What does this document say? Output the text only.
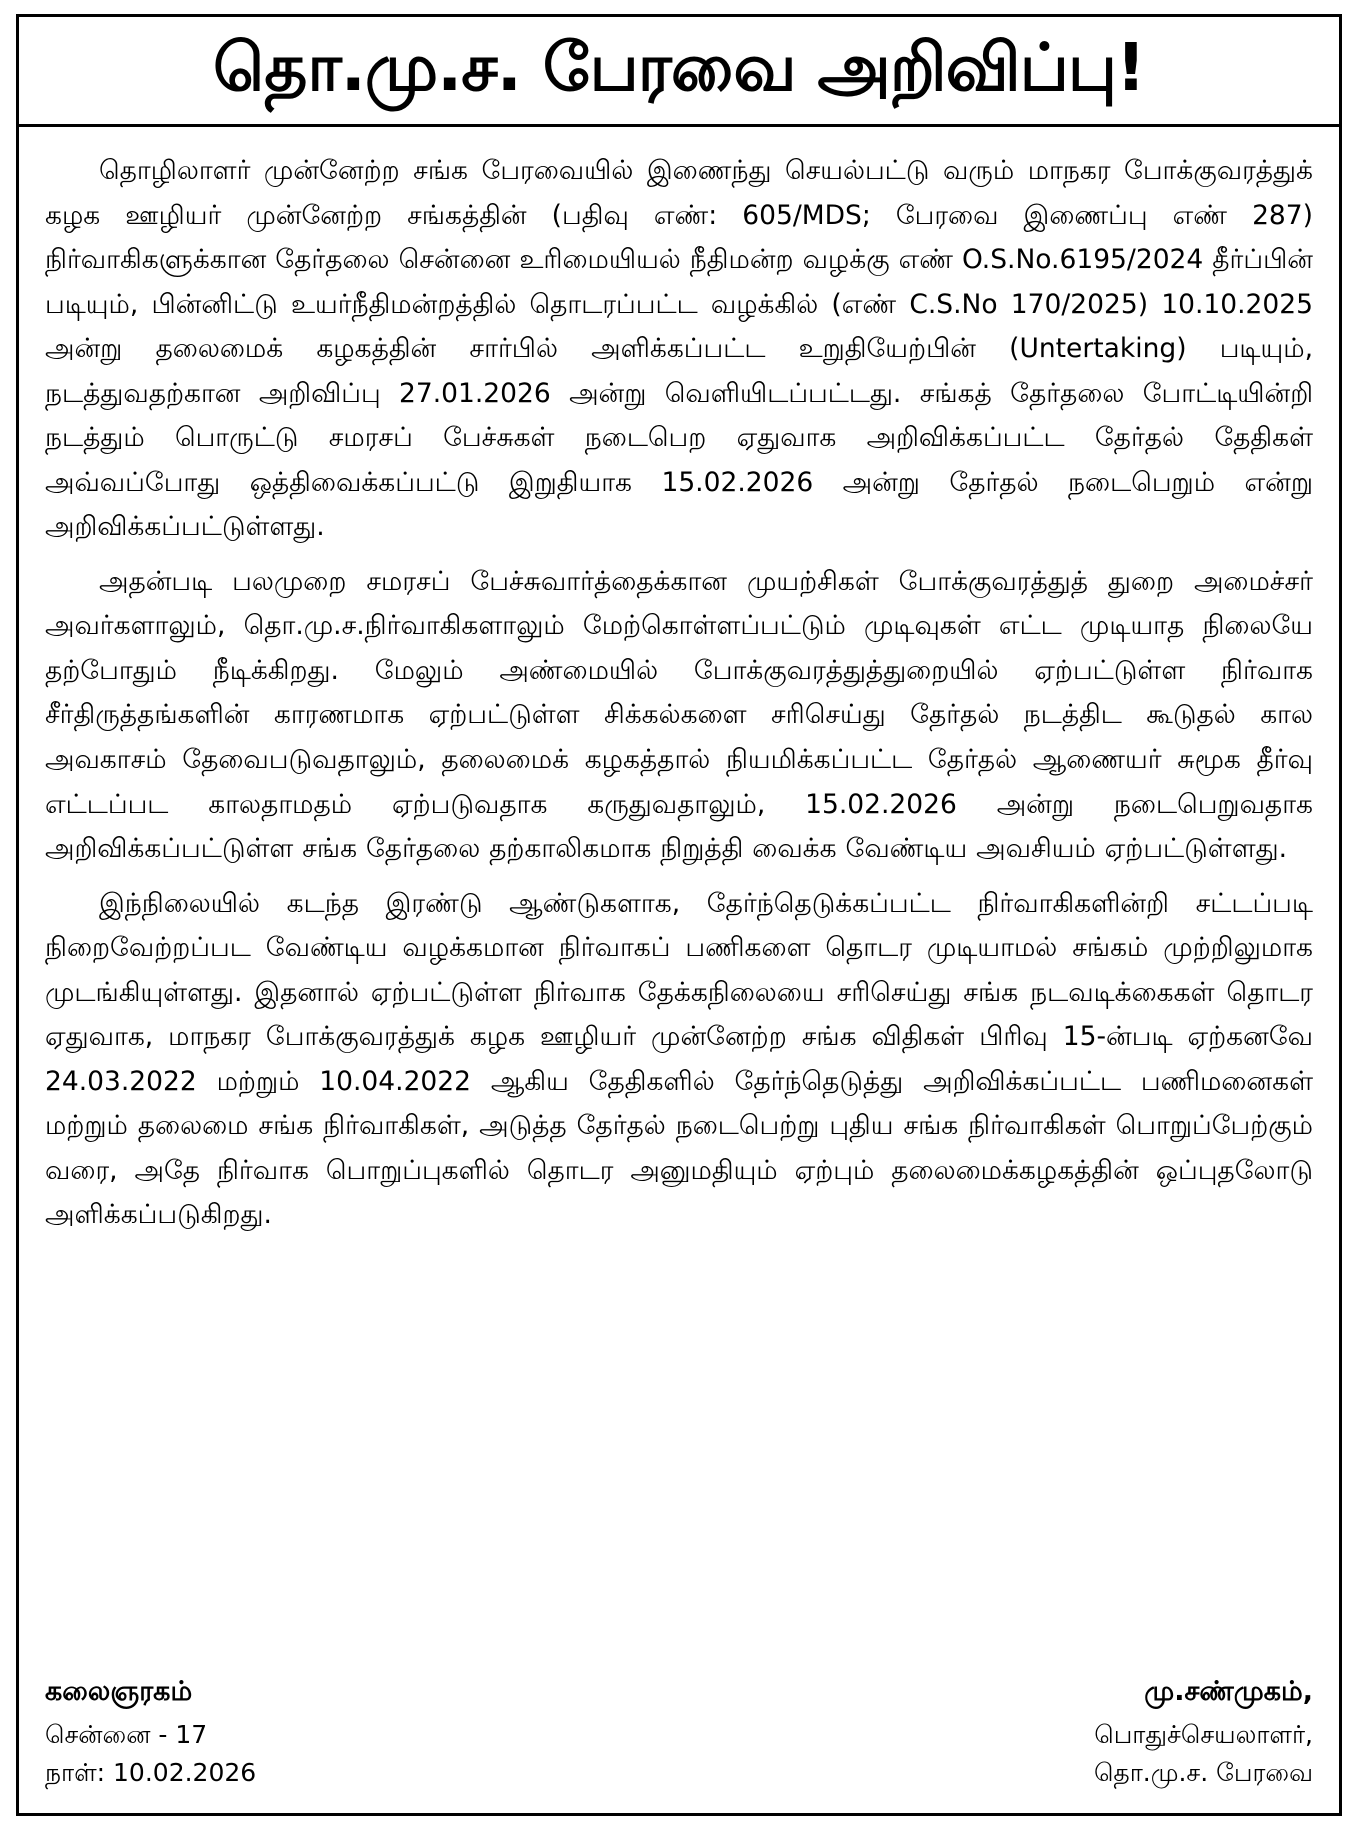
தொ.மு.ச. பேரவை அறிவிப்பு!

தொழிலாளர் முன்னேற்ற சங்க பேரவையில் இணைந்து செயல்பட்டு வரும் மாநகர போக்குவரத்துக் கழக ஊழியர் முன்னேற்ற சங்கத்தின் (பதிவு எண்: 605/MDS; பேரவை இணைப்பு எண் 287) நிர்வாகிகளுக்கான தேர்தலை சென்னை உரிமையியல் நீதிமன்ற வழக்கு எண் O.S.No.6195/2024 தீர்ப்பின் படியும், பின்னிட்டு உயர்நீதிமன்றத்தில் தொடரப்பட்ட வழக்கில் (எண் C.S.No 170/2025) 10.10.2025 அன்று தலைமைக் கழகத்தின் சார்பில் அளிக்கப்பட்ட உறுதியேற்பின் (Untertaking) படியும், நடத்துவதற்கான அறிவிப்பு 27.01.2026 அன்று வெளியிடப்பட்டது. சங்கத் தேர்தலை போட்டியின்றி நடத்தும் பொருட்டு சமரசப் பேச்சுகள் நடைபெற ஏதுவாக அறிவிக்கப்பட்ட தேர்தல் தேதிகள் அவ்வப்போது ஒத்திவைக்கப்பட்டு இறுதியாக 15.02.2026 அன்று தேர்தல் நடைபெறும் என்று அறிவிக்கப்பட்டுள்ளது.

அதன்படி பலமுறை சமரசப் பேச்சுவார்த்தைக்கான முயற்சிகள் போக்குவரத்துத் துறை அமைச்சர் அவர்களாலும், தொ.மு.ச.நிர்வாகிகளாலும் மேற்கொள்ளப்பட்டும் முடிவுகள் எட்ட முடியாத நிலையே தற்போதும் நீடிக்கிறது. மேலும் அண்மையில் போக்குவரத்துத்துறையில் ஏற்பட்டுள்ள நிர்வாக சீர்திருத்தங்களின் காரணமாக ஏற்பட்டுள்ள சிக்கல்களை சரிசெய்து தேர்தல் நடத்திட கூடுதல் கால அவகாசம் தேவைபடுவதாலும், தலைமைக் கழகத்தால் நியமிக்கப்பட்ட தேர்தல் ஆணையர் சுமூக தீர்வு எட்டப்பட காலதாமதம் ஏற்படுவதாக கருதுவதாலும், 15.02.2026 அன்று நடைபெறுவதாக அறிவிக்கப்பட்டுள்ள சங்க தேர்தலை தற்காலிகமாக நிறுத்தி வைக்க வேண்டிய அவசியம் ஏற்பட்டுள்ளது.

இந்நிலையில் கடந்த இரண்டு ஆண்டுகளாக, தேர்ந்தெடுக்கப்பட்ட நிர்வாகிகளின்றி சட்டப்படி நிறைவேற்றப்பட வேண்டிய வழக்கமான நிர்வாகப் பணிகளை தொடர முடியாமல் சங்கம் முற்றிலுமாக முடங்கியுள்ளது. இதனால் ஏற்பட்டுள்ள நிர்வாக தேக்கநிலையை சரிசெய்து சங்க நடவடிக்கைகள் தொடர ஏதுவாக, மாநகர போக்குவரத்துக் கழக ஊழியர் முன்னேற்ற சங்க விதிகள் பிரிவு 15-ன்படி ஏற்கனவே 24.03.2022 மற்றும் 10.04.2022 ஆகிய தேதிகளில் தேர்ந்தெடுத்து அறிவிக்கப்பட்ட பணிமனைகள் மற்றும் தலைமை சங்க நிர்வாகிகள், அடுத்த தேர்தல் நடைபெற்று புதிய சங்க நிர்வாகிகள் பொறுப்பேற்கும் வரை, அதே நிர்வாக பொறுப்புகளில் தொடர அனுமதியும் ஏற்பும் தலைமைக்கழகத்தின் ஒப்புதலோடு அளிக்கப்படுகிறது.

கலைஞரகம்
சென்னை - 17
நாள்: 10.02.2026
மு.சண்முகம்,
பொதுச்செயலாளர்,
தொ.மு.ச. பேரவை
